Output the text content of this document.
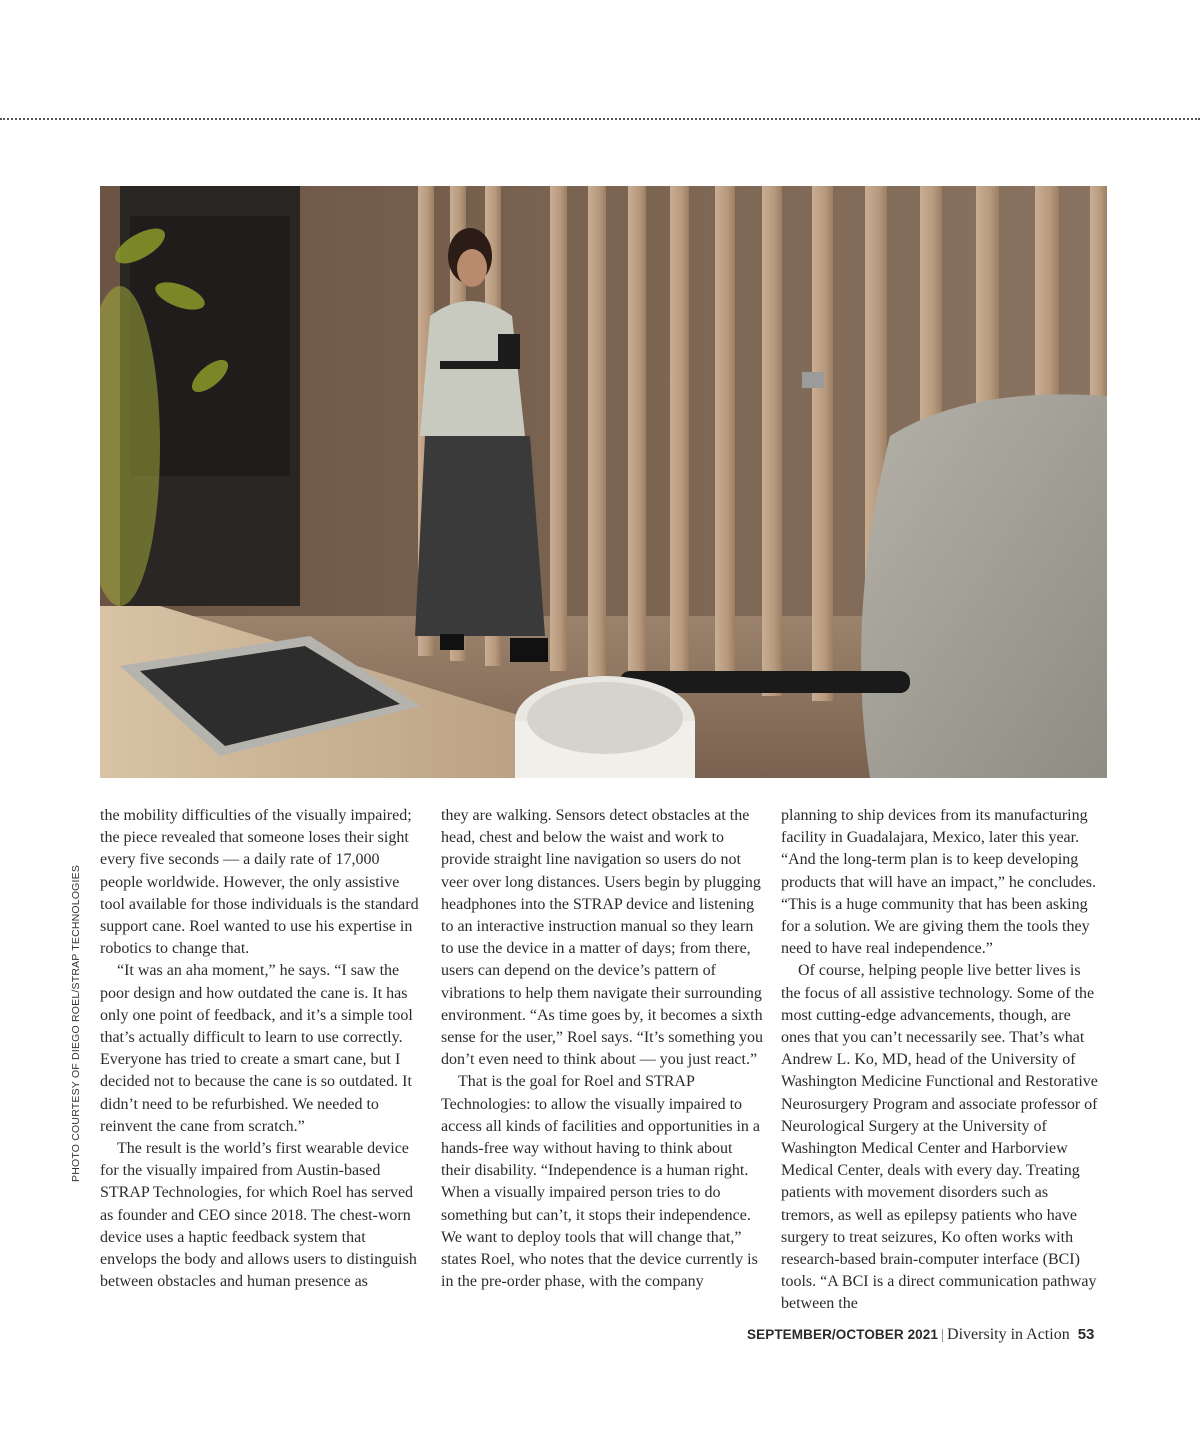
PHOTO COURTESY OF DIEGO ROEL/STRAP TECHNOLOGIES

the mobility difficulties of the visually impaired; the piece revealed that someone loses their sight every five seconds — a daily rate of 17,000 people worldwide. However, the only assistive tool available for those individuals is the standard support cane. Roel wanted to use his expertise in robotics to change that.

“It was an aha moment,” he says. “I saw the poor design and how outdated the cane is. It has only one point of feedback, and it’s a simple tool that’s actually difficult to learn to use correctly. Everyone has tried to create a smart cane, but I decided not to because the cane is so outdated. It didn’t need to be refurbished. We needed to reinvent the cane from scratch.”

The result is the world’s first wearable device for the visually impaired from Austin-based STRAP Technologies, for which Roel has served as founder and CEO since 2018. The chest-worn device uses a haptic feedback system that envelops the body and allows users to distinguish between obstacles and human presence as

they are walking. Sensors detect obstacles at the head, chest and below the waist and work to provide straight line navigation so users do not veer over long distances. Users begin by plugging headphones into the STRAP device and listening to an interactive instruction manual so they learn to use the device in a matter of days; from there, users can depend on the device’s pattern of vibrations to help them navigate their surrounding environment. “As time goes by, it becomes a sixth sense for the user,” Roel says. “It’s something you don’t even need to think about — you just react.”

That is the goal for Roel and STRAP Technologies: to allow the visually impaired to access all kinds of facilities and opportunities in a hands-free way without having to think about their disability. “Independence is a human right. When a visually impaired person tries to do something but can’t, it stops their independence. We want to deploy tools that will change that,” states Roel, who notes that the device currently is in the pre-order phase, with the company

planning to ship devices from its manufacturing facility in Guadalajara, Mexico, later this year. “And the long-term plan is to keep developing products that will have an impact,” he concludes. “This is a huge community that has been asking for a solution. We are giving them the tools they need to have real independence.”

Of course, helping people live better lives is the focus of all assistive technology. Some of the most cutting-edge advancements, though, are ones that you can’t necessarily see. That’s what Andrew L. Ko, MD, head of the University of Washington Medicine Functional and Restorative Neurosurgery Program and associate professor of Neurological Surgery at the University of Washington Medical Center and Harborview Medical Center, deals with every day. Treating patients with movement disorders such as tremors, as well as epilepsy patients who have surgery to treat seizures, Ko often works with research-based brain-computer interface (BCI) tools. “A BCI is a direct communication pathway between the

SEPTEMBER/OCTOBER 2021 | Diversity in Action 53
